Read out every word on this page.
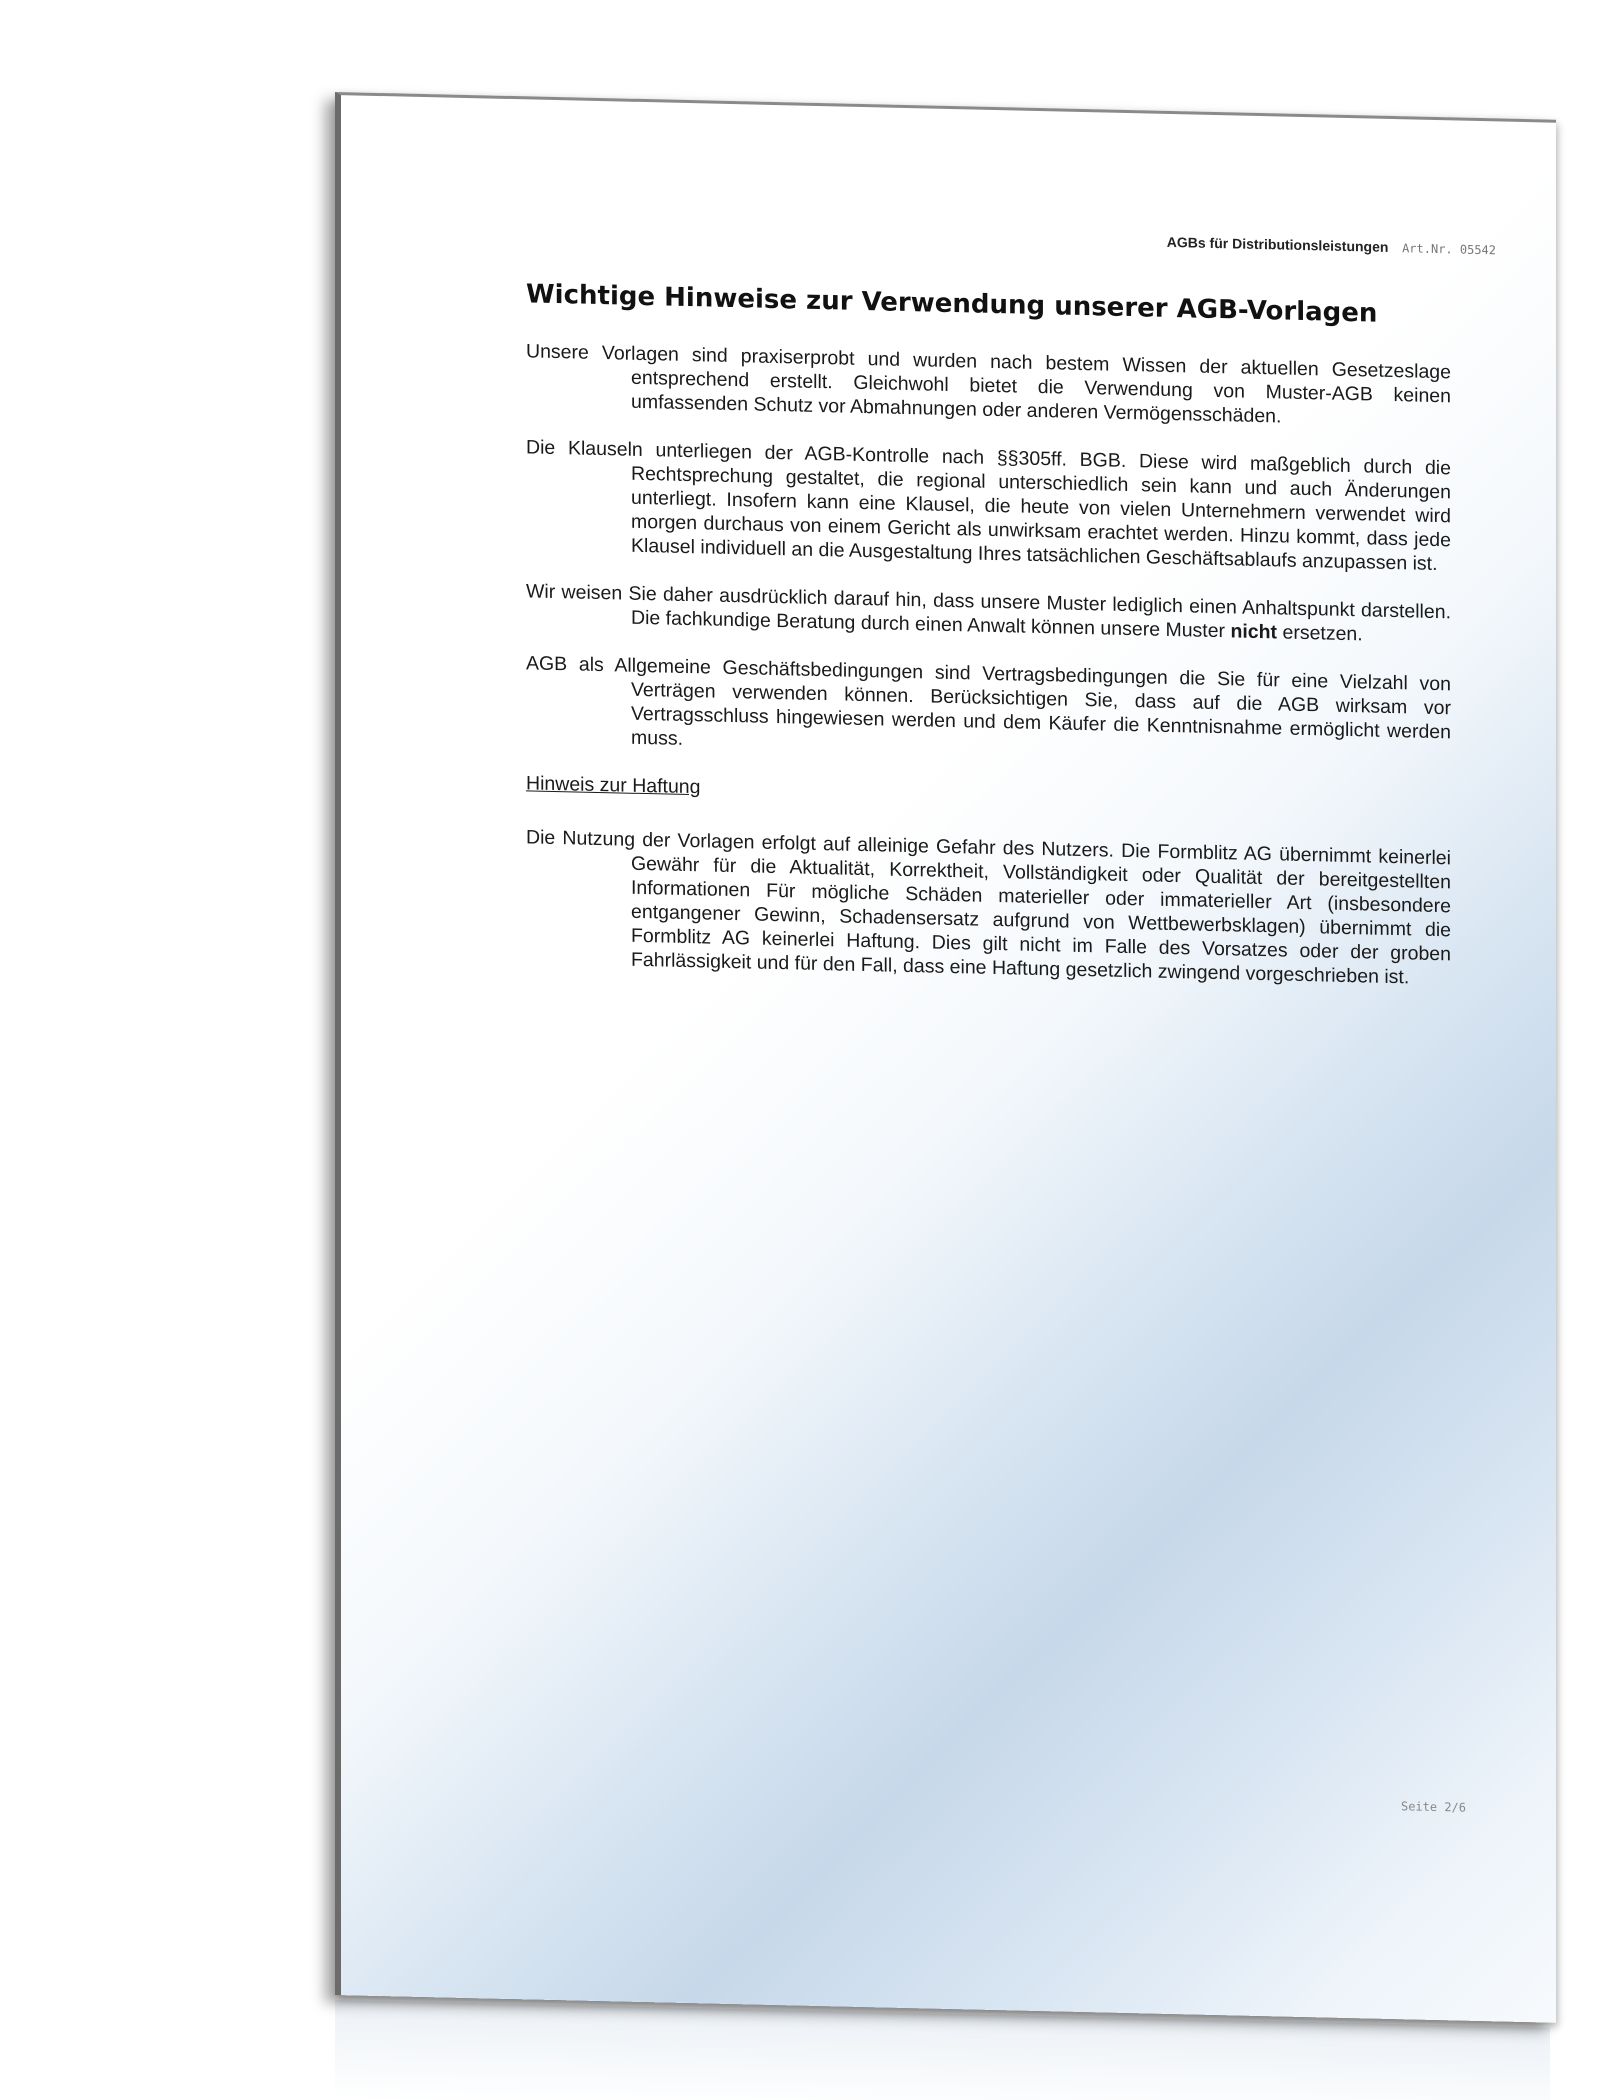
AGBs für Distributionsleistungen Art.Nr. 05542
Wichtige Hinweise zur Verwendung unserer AGB-Vorlagen

Unsere Vorlagen sind praxiserprobt und wurden nach bestem Wissen der aktuellen Gesetzeslage entsprechend erstellt. Gleichwohl bietet die Verwendung von Muster-AGB keinen umfassenden Schutz vor Abmahnungen oder anderen Vermögensschäden.

Die Klauseln unterliegen der AGB-Kontrolle nach §§305ff. BGB. Diese wird maßgeblich durch die Rechtsprechung gestaltet, die regional unterschiedlich sein kann und auch Änderungen unterliegt. Insofern kann eine Klausel, die heute von vielen Unternehmern verwendet wird morgen durchaus von einem Gericht als unwirksam erachtet werden. Hinzu kommt, dass jede Klausel individuell an die Ausgestaltung Ihres tatsächlichen Geschäftsablaufs anzupassen ist.

Wir weisen Sie daher ausdrücklich darauf hin, dass unsere Muster lediglich einen Anhaltspunkt darstellen. Die fachkundige Beratung durch einen Anwalt können unsere Muster nicht ersetzen.

AGB als Allgemeine Geschäftsbedingungen sind Vertragsbedingungen die Sie für eine Vielzahl von Verträgen verwenden können. Berücksichtigen Sie, dass auf die AGB wirksam vor Vertragsschluss hingewiesen werden und dem Käufer die Kenntnisnahme ermöglicht werden muss.

Hinweis zur Haftung

Die Nutzung der Vorlagen erfolgt auf alleinige Gefahr des Nutzers. Die Formblitz AG übernimmt keinerlei Gewähr für die Aktualität, Korrektheit, Vollständigkeit oder Qualität der bereitgestellten Informationen Für mögliche Schäden materieller oder immaterieller Art (insbesondere entgangener Gewinn, Schadensersatz aufgrund von Wettbewerbsklagen) übernimmt die Formblitz AG keinerlei Haftung. Dies gilt nicht im Falle des Vorsatzes oder der groben Fahrlässigkeit und für den Fall, dass eine Haftung gesetzlich zwingend vorgeschrieben ist.

Seite 2/6
